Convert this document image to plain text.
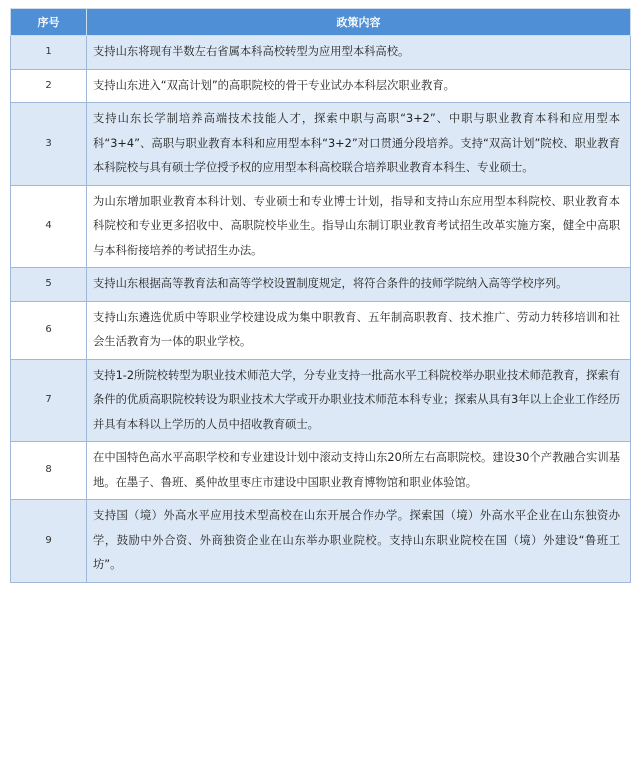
序号	政策内容
1	支持山东将现有半数左右省属本科高校转型为应用型本科高校。
2	支持山东进入“双高计划”的高职院校的骨干专业试办本科层次职业教育。
3	支持山东长学制培养高端技术技能人才，探索中职与高职“3+2”、中职与职业教育本科和应用型本科“3+4”、高职与职业教育本科和应用型本科“3+2”对口贯通分段培养。支持“双高计划”院校、职业教育本科院校与具有硕士学位授予权的应用型本科高校联合培养职业教育本科生、专业硕士。
4	为山东增加职业教育本科计划、专业硕士和专业博士计划，指导和支持山东应用型本科院校、职业教育本科院校和专业更多招收中、高职院校毕业生。指导山东制订职业教育考试招生改革实施方案，健全中高职与本科衔接培养的考试招生办法。
5	支持山东根据高等教育法和高等学校设置制度规定，将符合条件的技师学院纳入高等学校序列。
6	支持山东遴选优质中等职业学校建设成为集中职教育、五年制高职教育、技术推广、劳动力转移培训和社会生活教育为一体的职业学校。
7	支持1-2所院校转型为职业技术师范大学，分专业支持一批高水平工科院校举办职业技术师范教育，探索有条件的优质高职院校转设为职业技术大学或开办职业技术师范本科专业；探索从具有3年以上企业工作经历并具有本科以上学历的人员中招收教育硕士。
8	在中国特色高水平高职学校和专业建设计划中滚动支持山东20所左右高职院校。建设30个产教融合实训基地。在墨子、鲁班、奚仲故里枣庄市建设中国职业教育博物馆和职业体验馆。
9	支持国（境）外高水平应用技术型高校在山东开展合作办学。探索国（境）外高水平企业在山东独资办学，鼓励中外合资、外商独资企业在山东举办职业院校。支持山东职业院校在国（境）外建设“鲁班工坊”。
